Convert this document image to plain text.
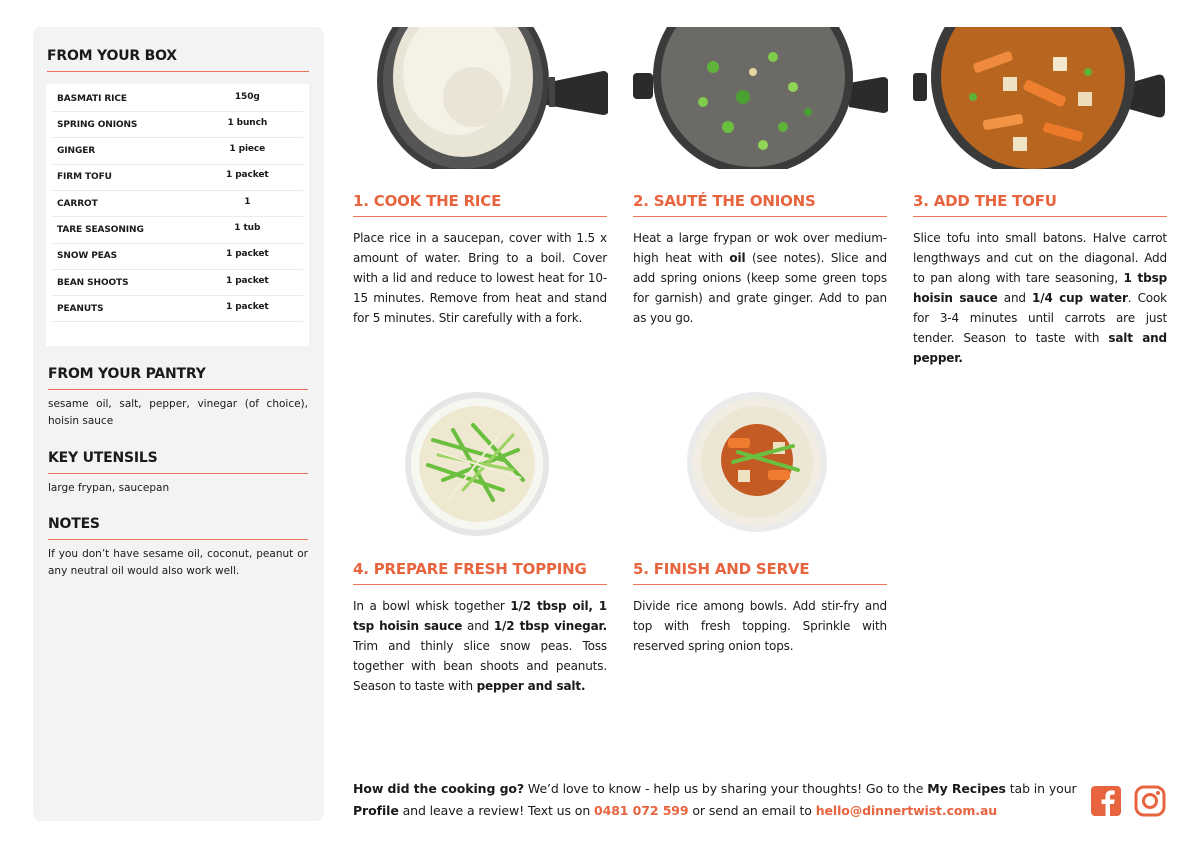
FROM YOUR BOX
BASMATI RICE	150g
SPRING ONIONS	1 bunch
GINGER	1 piece
FIRM TOFU	1 packet
CARROT	1
TARE SEASONING	1 tub
SNOW PEAS	1 packet
BEAN SHOOTS	1 packet
PEANUTS	1 packet
FROM YOUR PANTRY
sesame oil, salt, pepper, vinegar (of choice), hoisin sauce
KEY UTENSILS
large frypan, saucepan
NOTES
If you don’t have sesame oil, coconut, peanut or any neutral oil would also work well.
1. COOK THE RICE
Place rice in a saucepan, cover with 1.5 x amount of water. Bring to a boil. Cover with a lid and reduce to lowest heat for 10-15 minutes. Remove from heat and stand for 5 minutes. Stir carefully with a fork.
2. SAUTÉ THE ONIONS
Heat a large frypan or wok over medium-high heat with oil (see notes). Slice and add spring onions (keep some green tops for garnish) and grate ginger. Add to pan as you go.
3. ADD THE TOFU
Slice tofu into small batons. Halve carrot lengthways and cut on the diagonal. Add to pan along with tare seasoning, 1 tbsp hoisin sauce and 1/4 cup water. Cook for 3-4 minutes until carrots are just tender. Season to taste with salt and pepper.
4. PREPARE FRESH TOPPING
In a bowl whisk together 1/2 tbsp oil, 1 tsp hoisin sauce and 1/2 tbsp vinegar. Trim and thinly slice snow peas. Toss together with bean shoots and peanuts. Season to taste with pepper and salt.
5. FINISH AND SERVE
Divide rice among bowls. Add stir-fry and top with fresh topping. Sprinkle with reserved spring onion tops.
How did the cooking go? We’d love to know - help us by sharing your thoughts! Go to the My Recipes tab in your Profile and leave a review! Text us on 0481 072 599 or send an email to hello@dinnertwist.com.au
